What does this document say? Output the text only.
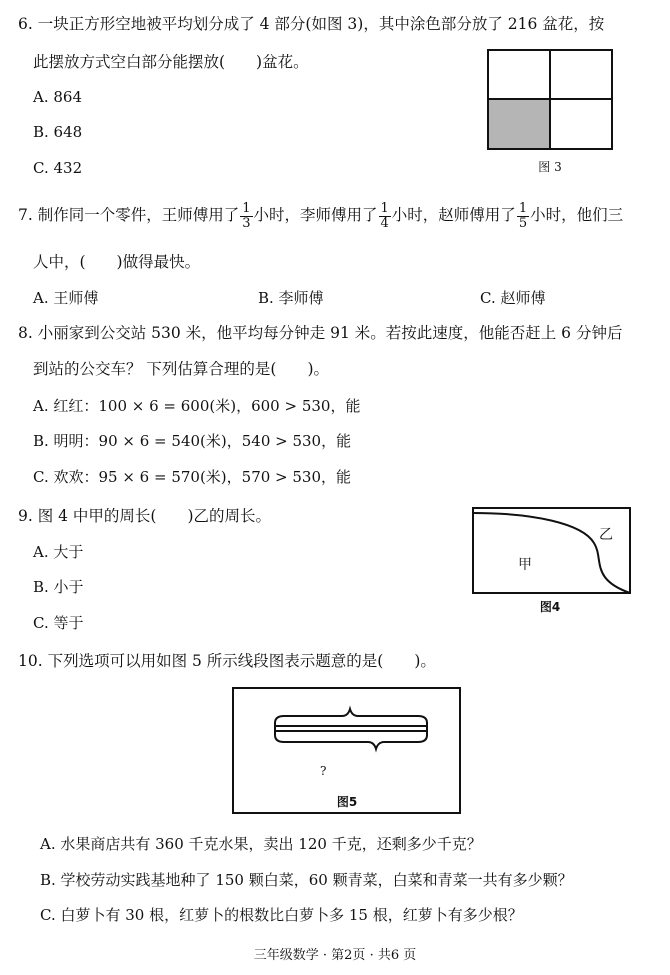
6. 一块正方形空地被平均划分成了 4 部分(如图 3)，其中涂色部分放了 216 盆花，按
此摆放方式空白部分能摆放(　　)盆花。
A. 864
B. 648
C. 432	图 3
7. 制作同一个零件，王师傅用了 $\frac{1}{3}$ 小时，李师傅用了 $\frac{1}{4}$ 小时，赵师傅用了 $\frac{1}{5}$ 小时，他们三
人中，(　　)做得最快。
A. 王师傅	B. 李师傅	C. 赵师傅
8. 小丽家到公交站 530 米，他平均每分钟走 91 米。若按此速度，他能否赶上 6 分钟后
到站的公交车？ 下列估算合理的是(　　)。
A. 红红：100 × 6 = 600(米)，600 > 530，能
B. 明明：90 × 6 = 540(米)，540 > 530，能
C. 欢欢：95 × 6 = 570(米)，570 > 530，能
9. 图 4 中甲的周长(　　)乙的周长。
A. 大于
B. 小于
C. 等于
甲
乙
图4
10. 下列选项可以用如图 5 所示线段图表示题意的是(　　)。
?
图5
A. 水果商店共有 360 千克水果，卖出 120 千克，还剩多少千克？
B. 学校劳动实践基地种了 150 颗白菜，60 颗青菜，白菜和青菜一共有多少颗？
C. 白萝卜有 30 根，红萝卜的根数比白萝卜多 15 根，红萝卜有多少根？
三年级数学 · 第2页 · 共6 页
